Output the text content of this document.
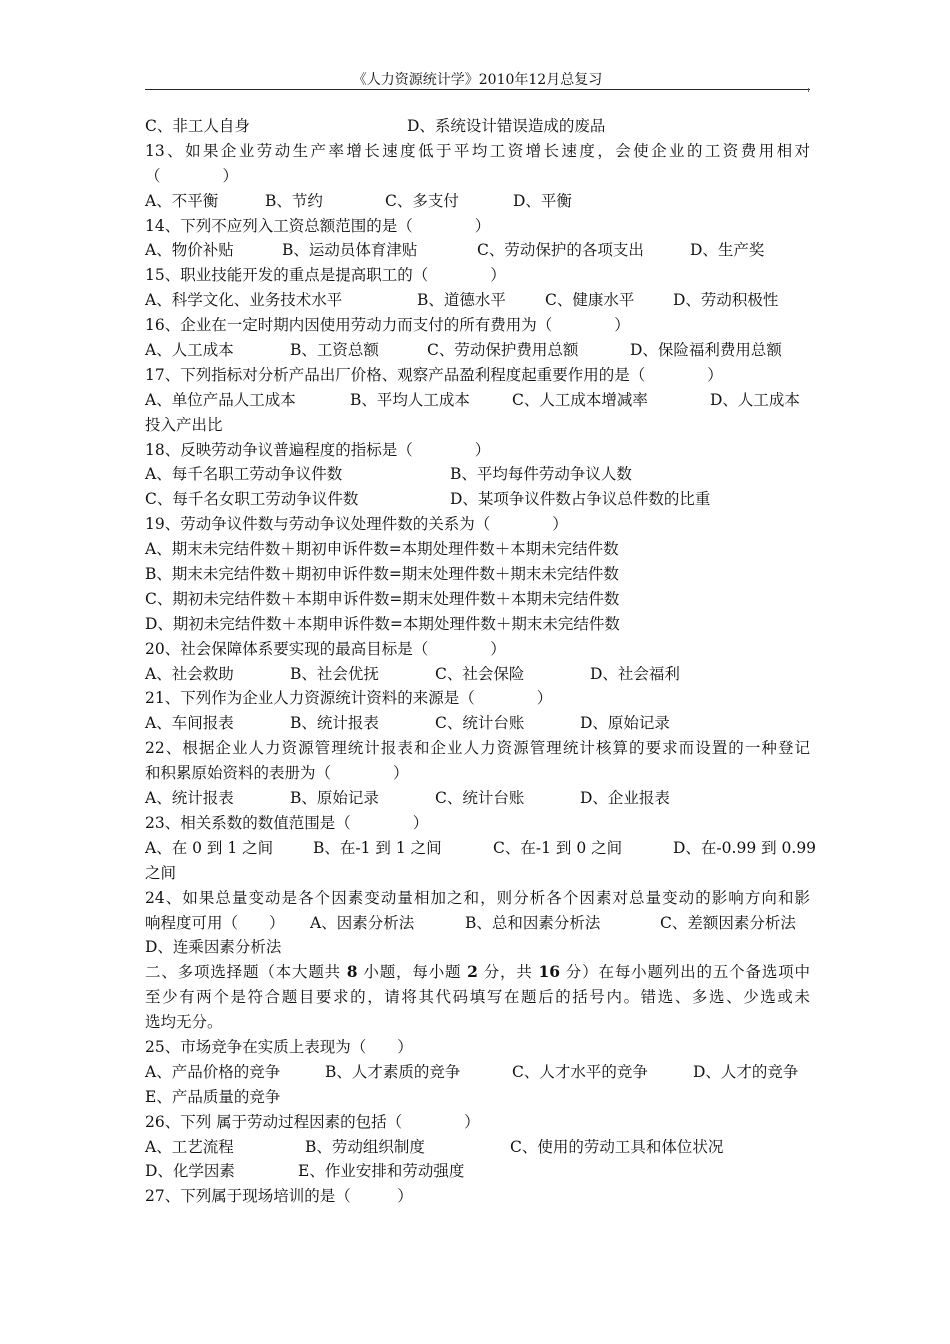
《人力资源统计学》2010年12月总复习
C、非工人自身	D、系统设计错误造成的废品
13、如果企业劳动生产率增长速度低于平均工资增长速度，会使企业的工资费用相对
（　　　　）
A、不平衡	B、节约	C、多支付	D、平衡
14、下列不应列入工资总额范围的是（　　　　）
A、物价补贴	B、运动员体育津贴	C、劳动保护的各项支出	D、生产奖
15、职业技能开发的重点是提高职工的（　　　　）
A、科学文化、业务技术水平	B、道德水平	C、健康水平 D、劳动积极性
16、企业在一定时期内因使用劳动力而支付的所有费用为（　　　　）
A、人工成本	B、工资总额	C、劳动保护费用总额	D、保险福利费用总额
17、下列指标对分析产品出厂价格、观察产品盈利程度起重要作用的是（　　　　）
A、单位产品人工成本	B、平均人工成本	C、人工成本增减率	D、人工成本
投入产出比
18、反映劳动争议普遍程度的指标是（　　　　）
A、每千名职工劳动争议件数	B、平均每件劳动争议人数
C、每千名女职工劳动争议件数	D、某项争议件数占争议总件数的比重
19、劳动争议件数与劳动争议处理件数的关系为（　　　　）
A、期末未完结件数＋期初申诉件数=本期处理件数＋本期未完结件数
B、期末未完结件数＋期初申诉件数=期末处理件数＋期末未完结件数
C、期初未完结件数＋本期申诉件数=期末处理件数＋本期未完结件数
D、期初未完结件数＋本期申诉件数=本期处理件数＋期末未完结件数
20、社会保障体系要实现的最高目标是（　　　　）
A、社会救助	B、社会优抚	C、社会保险	D、社会福利
21、下列作为企业人力资源统计资料的来源是（　　　　）
A、车间报表	B、统计报表	C、统计台账	D、原始记录
22、根据企业人力资源管理统计报表和企业人力资源管理统计核算的要求而设置的一种登记
和积累原始资料的表册为（　　　　）
A、统计报表	B、原始记录	C、统计台账	D、企业报表
23、相关系数的数值范围是（　　　　）
A、在 0 到 1 之间	B、在-1 到 1 之间	C、在-1 到 0 之间	D、在-0.99 到 0.99
之间
24、如果总量变动是各个因素变动量相加之和，则分析各个因素对总量变动的影响方向和影
响程度可用（　　） A、因素分析法	B、总和因素分析法	C、差额因素分析法
D、连乘因素分析法
二、多项选择题（本大题共 8 小题，每小题 2 分，共 16 分）在每小题列出的五个备选项中
至少有两个是符合题目要求的，请将其代码填写在题后的括号内。错选、多选、少选或未
选均无分。
25、市场竞争在实质上表现为（　　）
A、产品价格的竞争	B、人才素质的竞争	C、人才水平的竞争	D、人才的竞争
E、产品质量的竞争
26、下列 属于劳动过程因素的包括（　　　　）
A、工艺流程	B、劳动组织制度	C、使用的劳动工具和体位状况
D、化学因素	E、作业安排和劳动强度
27、下列属于现场培训的是（　　　）
